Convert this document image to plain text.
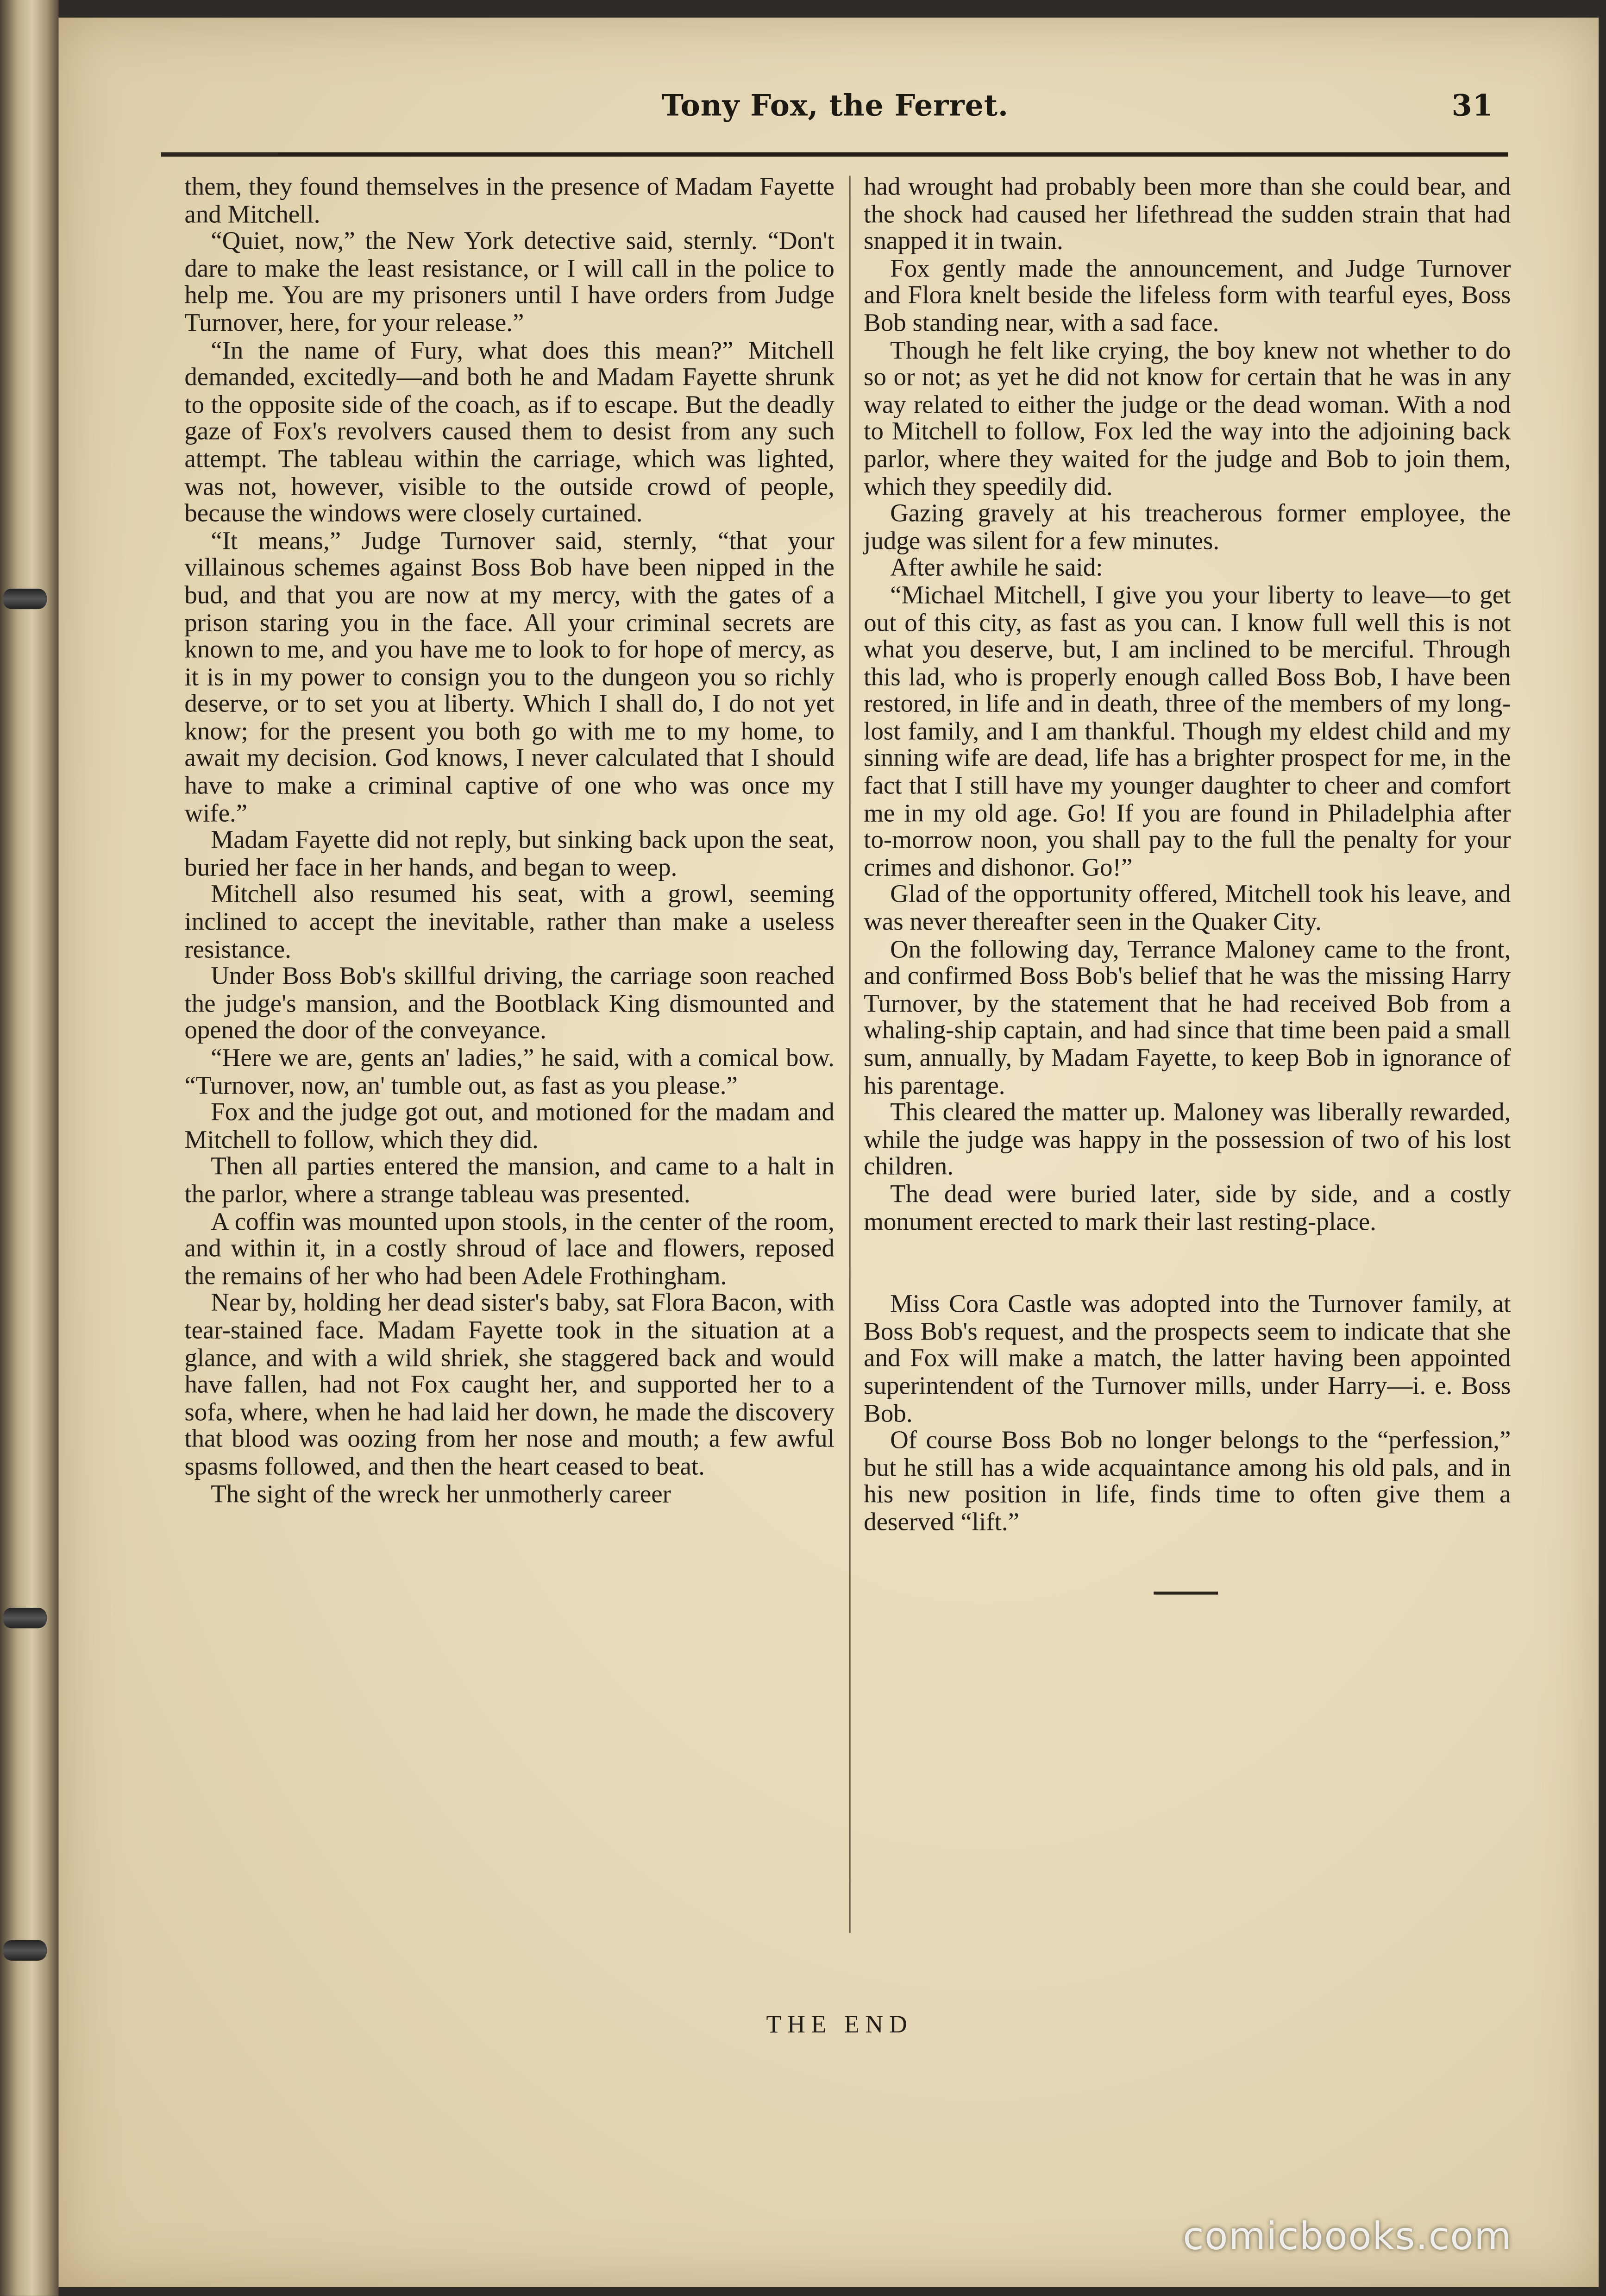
Tony Fox, the Ferret.	31

them, they found themselves in the presence of Madam Fayette and Mitchell.

“Quiet, now,” the New York detective said, sternly. “Don't dare to make the least resistance, or I will call in the police to help me. You are my prisoners until I have orders from Judge Turnover, here, for your release.”

“In the name of Fury, what does this mean?” Mitchell demanded, excitedly—and both he and Madam Fayette shrunk to the opposite side of the coach, as if to escape. But the deadly gaze of Fox's revolvers caused them to desist from any such attempt. The tableau within the carriage, which was lighted, was not, however, visible to the outside crowd of people, because the windows were closely curtained.

“It means,” Judge Turnover said, sternly, “that your villainous schemes against Boss Bob have been nipped in the bud, and that you are now at my mercy, with the gates of a prison staring you in the face. All your criminal secrets are known to me, and you have me to look to for hope of mercy, as it is in my power to consign you to the dungeon you so richly deserve, or to set you at liberty. Which I shall do, I do not yet know; for the present you both go with me to my home, to await my decision. God knows, I never calculated that I should have to make a criminal captive of one who was once my wife.”

Madam Fayette did not reply, but sinking back upon the seat, buried her face in her hands, and began to weep.

Mitchell also resumed his seat, with a growl, seeming inclined to accept the inevitable, rather than make a useless resistance.

Under Boss Bob's skillful driving, the carriage soon reached the judge's mansion, and the Bootblack King dismounted and opened the door of the conveyance.

“Here we are, gents an' ladies,” he said, with a comical bow. “Turnover, now, an' tumble out, as fast as you please.”

Fox and the judge got out, and motioned for the madam and Mitchell to follow, which they did.

Then all parties entered the mansion, and came to a halt in the parlor, where a strange tableau was presented.

A coffin was mounted upon stools, in the center of the room, and within it, in a costly shroud of lace and flowers, reposed the remains of her who had been Adele Frothingham.

Near by, holding her dead sister's baby, sat Flora Bacon, with tear-stained face. Madam Fayette took in the situation at a glance, and with a wild shriek, she staggered back and would have fallen, had not Fox caught her, and supported her to a sofa, where, when he had laid her down, he made the discovery that blood was oozing from her nose and mouth; a few awful spasms followed, and then the heart ceased to beat.

The sight of the wreck her unmotherly career

had wrought had probably been more than she could bear, and the shock had caused her lifethread the sudden strain that had snapped it in twain.

Fox gently made the announcement, and Judge Turnover and Flora knelt beside the lifeless form with tearful eyes, Boss Bob standing near, with a sad face.

Though he felt like crying, the boy knew not whether to do so or not; as yet he did not know for certain that he was in any way related to either the judge or the dead woman. With a nod to Mitchell to follow, Fox led the way into the adjoining back parlor, where they waited for the judge and Bob to join them, which they speedily did.

Gazing gravely at his treacherous former employee, the judge was silent for a few minutes.

After awhile he said:

“Michael Mitchell, I give you your liberty to leave—to get out of this city, as fast as you can. I know full well this is not what you deserve, but, I am inclined to be merciful. Through this lad, who is properly enough called Boss Bob, I have been restored, in life and in death, three of the members of my long-lost family, and I am thankful. Though my eldest child and my sinning wife are dead, life has a brighter prospect for me, in the fact that I still have my younger daughter to cheer and comfort me in my old age. Go! If you are found in Philadelphia after to-morrow noon, you shall pay to the full the penalty for your crimes and dishonor. Go!”

Glad of the opportunity offered, Mitchell took his leave, and was never thereafter seen in the Quaker City.

On the following day, Terrance Maloney came to the front, and confirmed Boss Bob's belief that he was the missing Harry Turnover, by the statement that he had received Bob from a whaling-ship captain, and had since that time been paid a small sum, annually, by Madam Fayette, to keep Bob in ignorance of his parentage.

This cleared the matter up. Maloney was liberally rewarded, while the judge was happy in the possession of two of his lost children.

The dead were buried later, side by side, and a costly monument erected to mark their last resting-place.

Miss Cora Castle was adopted into the Turnover family, at Boss Bob's request, and the prospects seem to indicate that she and Fox will make a match, the latter having been appointed superintendent of the Turnover mills, under Harry—i. e. Boss Bob.

Of course Boss Bob no longer belongs to the “perfession,” but he still has a wide acquaintance among his old pals, and in his new position in life, finds time to often give them a deserved “lift.”

THE END
comicbooks.com
